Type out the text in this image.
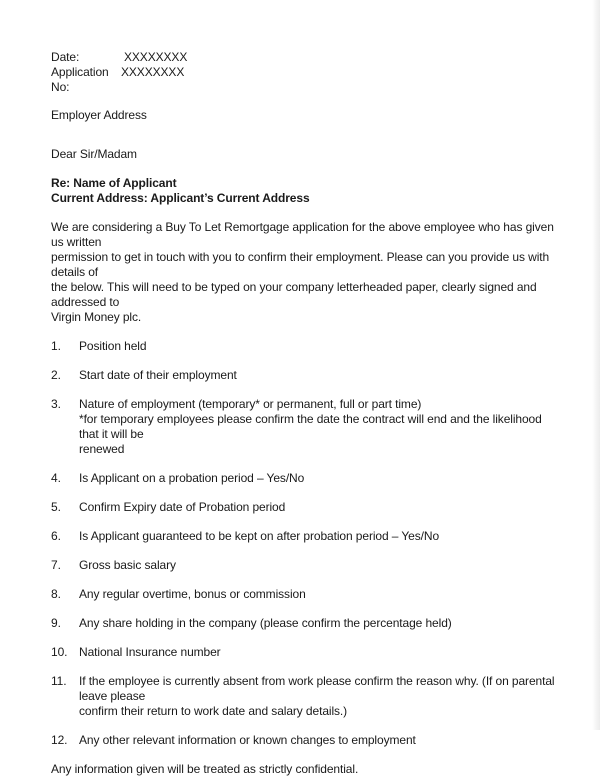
Date:	XXXXXXXX
Application No:
XXXXXXXX
Employer Address
Dear Sir/Madam
Re: Name of Applicant
Current Address: Applicant’s Current Address

We are considering a Buy To Let Remortgage application for the above employee who has given us written
permission to get in touch with you to confirm their employment. Please can you provide us with details of
the below. This will need to be typed on your company letterheaded paper, clearly signed and addressed to
Virgin Money plc.

1.	Position held
2.	Start date of their employment
3.	Nature of employment (temporary* or permanent, full or part time)
*for temporary employees please confirm the date the contract will end and the likelihood that it will be
renewed
4.	Is Applicant on a probation period – Yes/No
5.	Confirm Expiry date of Probation period
6.	Is Applicant guaranteed to be kept on after probation period – Yes/No
7.	Gross basic salary
8.	Any regular overtime, bonus or commission
9.	Any share holding in the company (please confirm the percentage held)
10. National Insurance number
11.	If the employee is currently absent from work please confirm the reason why. (If on parental leave please
confirm their return to work date and salary details.)
12. Any other relevant information or known changes to employment
Any information given will be treated as strictly confidential.
